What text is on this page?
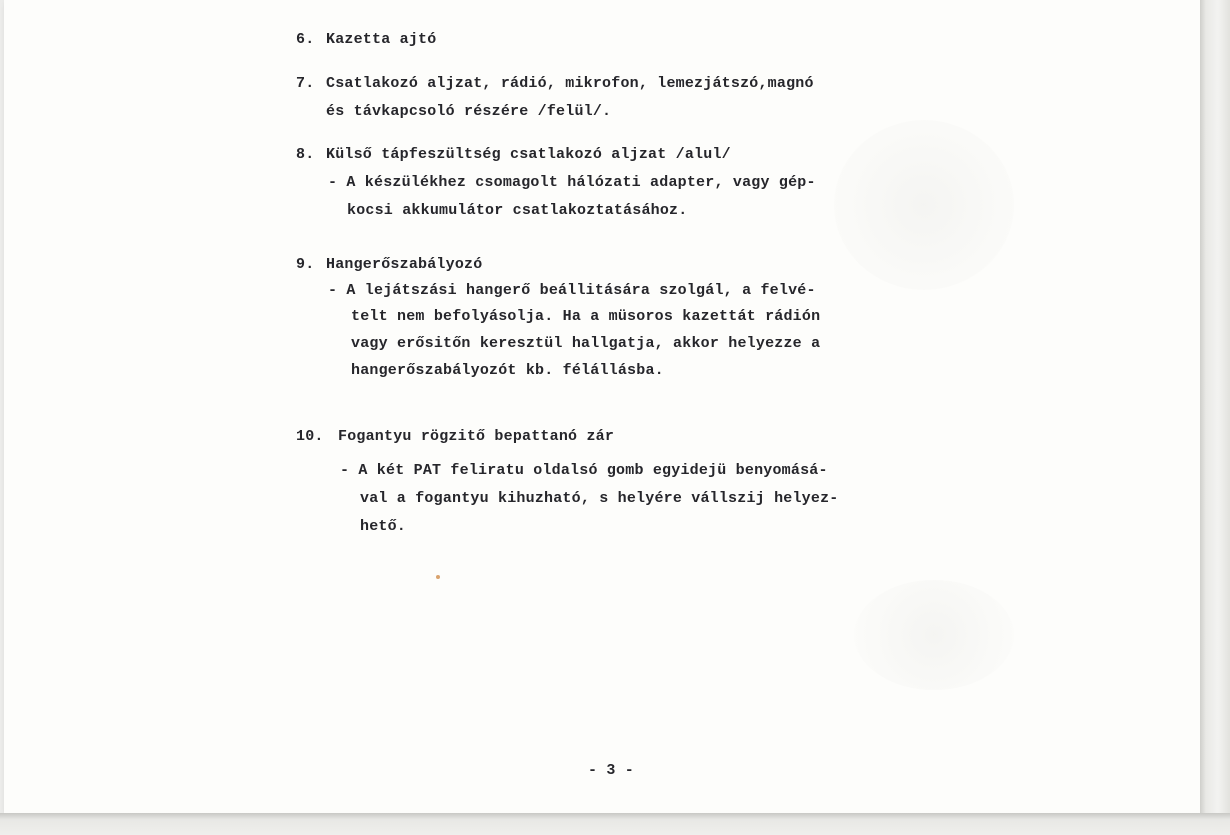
6. Kazetta ajtó
7. Csatlakozó aljzat, rádió, mikrofon, lemezjátszó,magnó
és távkapcsoló részére /felül/.
8. Külső tápfeszültség csatlakozó aljzat /alul/
- A készülékhez csomagolt hálózati adapter, vagy gép-
kocsi akkumulátor csatlakoztatásához.
9. Hangerőszabályozó
- A lejátszási hangerő beállitására szolgál, a felvé-
telt nem befolyásolja. Ha a müsoros kazettát rádión
vagy erősitőn keresztül hallgatja, akkor helyezze a
hangerőszabályozót kb. félállásba.
10. Fogantyu rögzitő bepattanó zár
- A két PAT feliratu oldalsó gomb egyidejü benyomásá-
val a fogantyu kihuzható, s helyére vállszij helyez-
hető.
- 3 -
